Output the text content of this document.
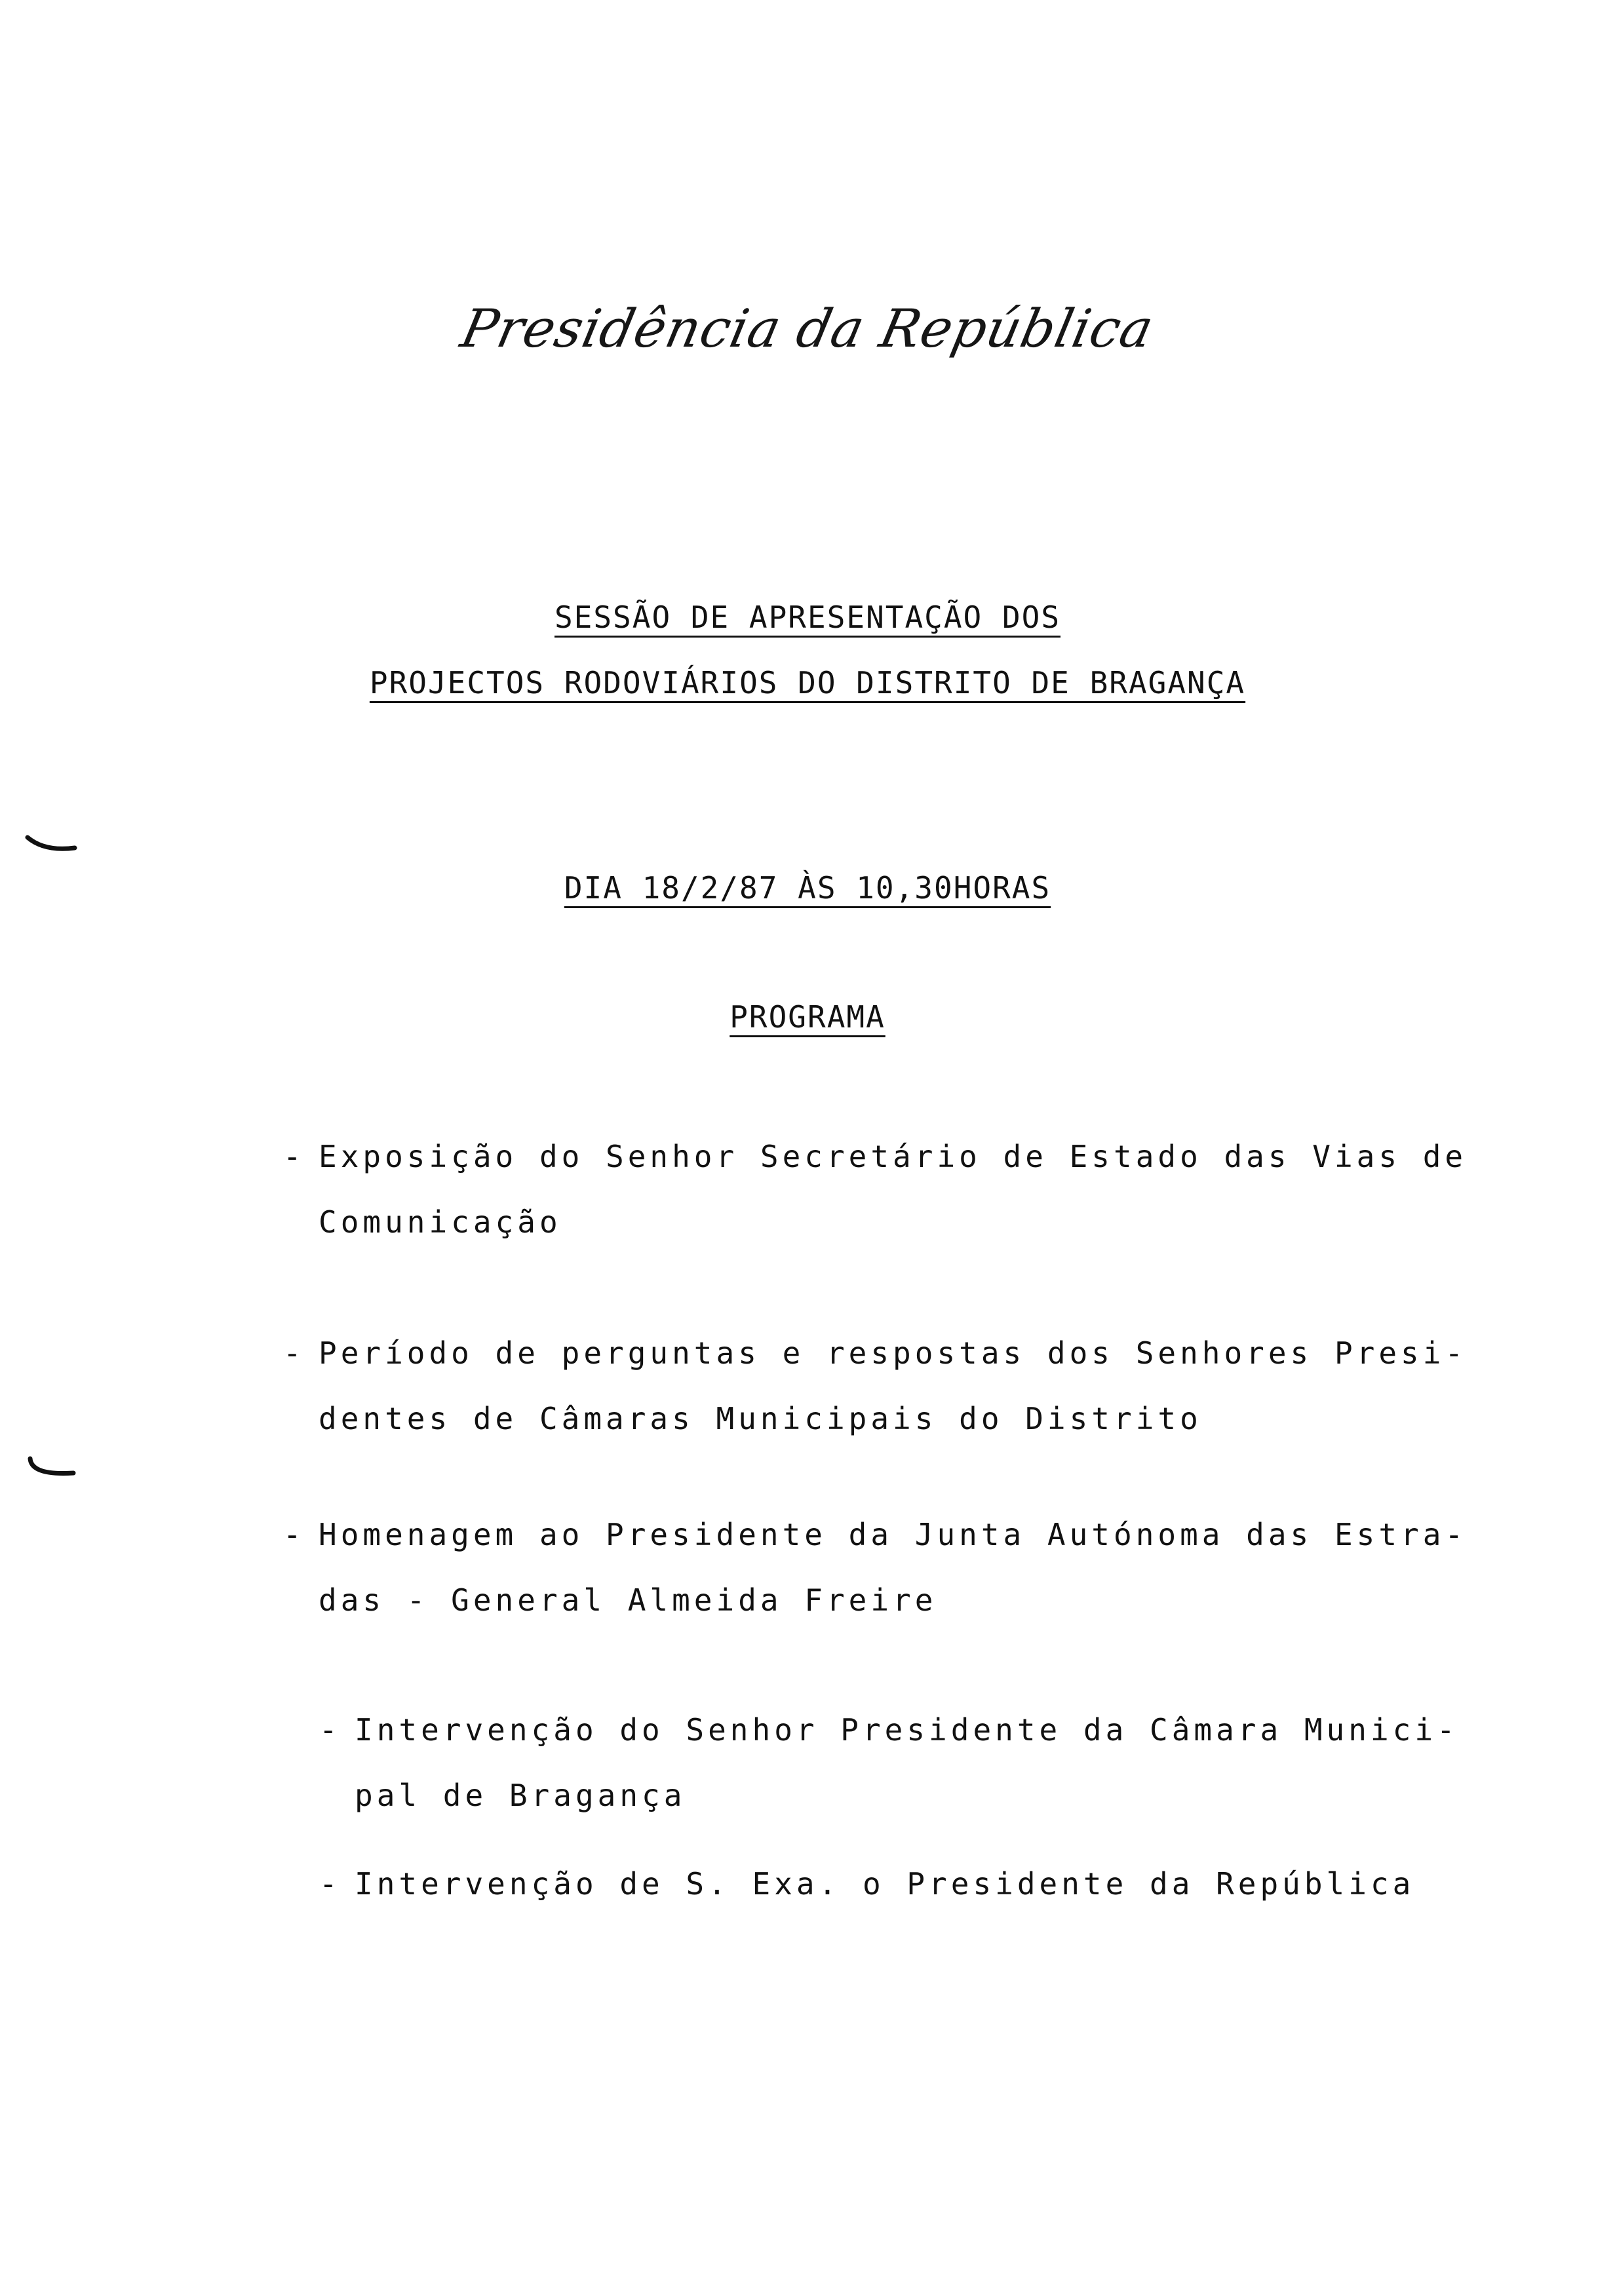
Presidência da República
SESSÃO DE APRESENTAÇÃO DOS
PROJECTOS RODOVIÁRIOS DO DISTRITO DE BRAGANÇA
DIA 18/2/87 ÀS 10,30HORAS
PROGRAMA
- Exposição do Senhor Secretário de Estado das Vias de
Comunicação
- Período de perguntas e respostas dos Senhores Presi-
dentes de Câmaras Municipais do Distrito
- Homenagem ao Presidente da Junta Autónoma das Estra-
das - General Almeida Freire
- Intervenção do Senhor Presidente da Câmara Munici-
pal de Bragança
- Intervenção de S. Exa. o Presidente da República
